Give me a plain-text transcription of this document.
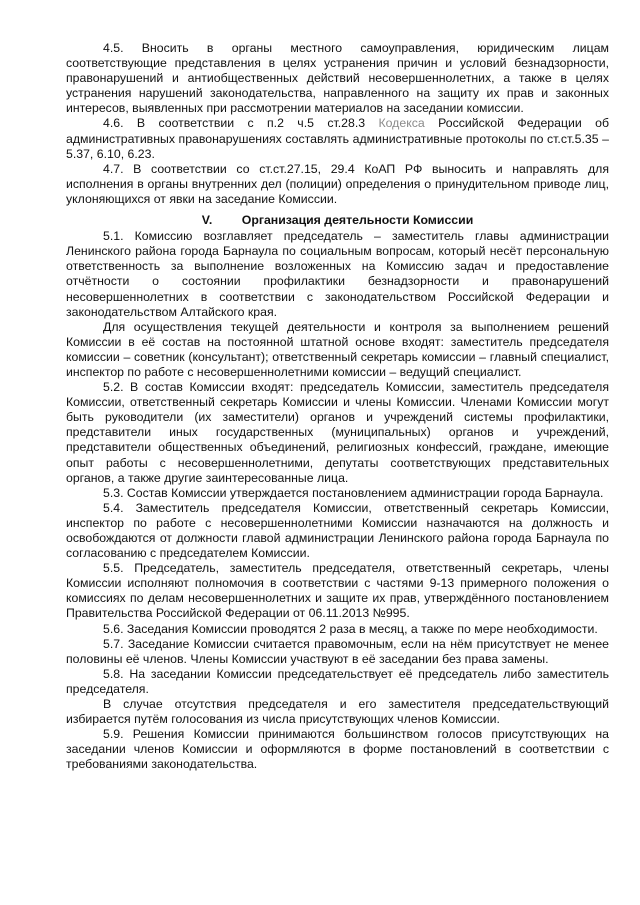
4.5. Вносить в органы местного самоуправления, юридическим лицам соответствующие представления в целях устранения причин и условий безнадзорности, правонарушений и антиобщественных действий несовершеннолетних, а также в целях устранения нарушений законодательства, направленного на защиту их прав и законных интересов, выявленных при рассмотрении материалов на заседании комиссии.

4.6. В соответствии с п.2 ч.5 ст.28.3 Кодекса Российской Федерации об административных правонарушениях составлять административные протоколы по ст.ст.5.35 – 5.37, 6.10, 6.23.

4.7. В соответствии со ст.ст.27.15, 29.4 КоАП РФ выносить и направлять для исполнения в органы внутренних дел (полиции) определения о принудительном приводе лиц, уклоняющихся от явки на заседание Комиссии.

V. Организация деятельности Комиссии

5.1. Комиссию возглавляет председатель – заместитель главы администрации Ленинского района города Барнаула по социальным вопросам, который несёт персональную ответственность за выполнение возложенных на Комиссию задач и предоставление отчётности о состоянии профилактики безнадзорности и правонарушений несовершеннолетних в соответствии с законодательством Российской Федерации и законодательством Алтайского края.

Для осуществления текущей деятельности и контроля за выполнением решений Комиссии в её состав на постоянной штатной основе входят: заместитель председателя комиссии – советник (консультант); ответственный секретарь комиссии – главный специалист, инспектор по работе с несовершеннолетними комиссии – ведущий специалист.

5.2. В состав Комиссии входят: председатель Комиссии, заместитель председателя Комиссии, ответственный секретарь Комиссии и члены Комиссии. Членами Комиссии могут быть руководители (их заместители) органов и учреждений системы профилактики, представители иных государственных (муниципальных) органов и учреждений, представители общественных объединений, религиозных конфессий, граждане, имеющие опыт работы с несовершеннолетними, депутаты соответствующих представительных органов, а также другие заинтересованные лица.

5.3. Состав Комиссии утверждается постановлением администрации города Барнаула.

5.4. Заместитель председателя Комиссии, ответственный секретарь Комиссии, инспектор по работе с несовершеннолетними Комиссии назначаются на должность и освобождаются от должности главой администрации Ленинского района города Барнаула по согласованию с председателем Комиссии.

5.5. Председатель, заместитель председателя, ответственный секретарь, члены Комиссии исполняют полномочия в соответствии с частями 9-13 примерного положения о комиссиях по делам несовершеннолетних и защите их прав, утверждённого постановлением Правительства Российской Федерации от 06.11.2013 №995.

5.6. Заседания Комиссии проводятся 2 раза в месяц, а также по мере необходимости.

5.7. Заседание Комиссии считается правомочным, если на нём присутствует не менее половины её членов. Члены Комиссии участвуют в её заседании без права замены.

5.8. На заседании Комиссии председательствует её председатель либо заместитель председателя.

В случае отсутствия председателя и его заместителя председательствующий избирается путём голосования из числа присутствующих членов Комиссии.

5.9. Решения Комиссии принимаются большинством голосов присутствующих на заседании членов Комиссии и оформляются в форме постановлений в соответствии с требованиями законодательства.
